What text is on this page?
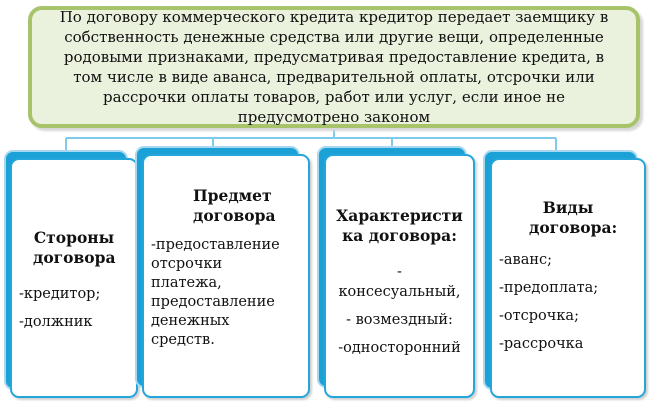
По договору коммерческого кредита кредитор передает заемщику в собственность денежные средства или другие вещи, определенные родовыми признаками, предусматривая предоставление кредита, в том числе в виде аванса, предварительной оплаты, отсрочки или рассрочки оплаты товаров, работ или услуг, если иное не предусмотрено законом
Стороны договора
-кредитор;
-должник
Предмет договора
-предоставление отсрочки платежа, предоставление денежных средств.
Характеристи ка договора:
-
консесуальный,
- возмездный:
-односторонний
Виды договора:
-аванс;
-предоплата;
-отсрочка;
-рассрочка
